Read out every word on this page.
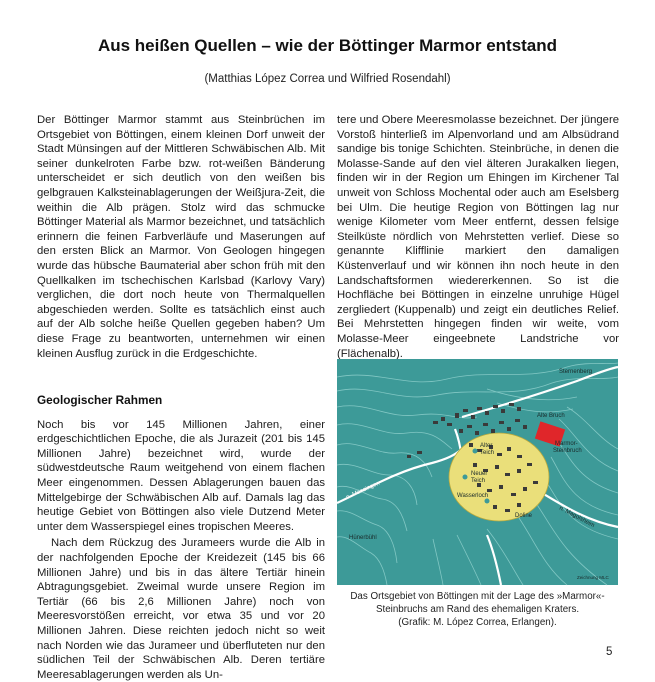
Aus heißen Quellen – wie der Böttinger Marmor entstand
(Matthias López Correa und Wilfried Rosendahl)

Der Böttinger Marmor stammt aus Steinbrüchen im Ortsgebiet von Böttingen, einem kleinen Dorf unweit der Stadt Münsingen auf der Mittleren Schwäbischen Alb. Mit seiner dunkelroten Farbe bzw. rot-weißen Bänderung unterscheidet er sich deutlich von den weißen bis gelbgrauen Kalksteinablagerungen der Weißjura-Zeit, die weithin die Alb prägen. Stolz wird das schmucke Böttinger Material als Marmor bezeichnet, und tatsächlich erinnern die feinen Farbverläufe und Maserungen auf den ersten Blick an Marmor. Von Geologen hingegen wurde das hübsche Baumaterial aber schon früh mit den Quellkalken im tschechischen Karlsbad (Karlovy Vary) verglichen, die dort noch heute von Thermalquellen abgeschieden werden. Sollte es tatsächlich einst auch auf der Alb solche heiße Quellen gegeben haben? Um diese Frage zu beantworten, unternehmen wir einen kleinen Ausflug zurück in die Erdgeschichte.

tere und Obere Meeresmolasse bezeichnet. Der jüngere Vorstoß hinterließ im Alpenvorland und am Albsüdrand sandige bis tonige Schichten. Steinbrüche, in denen die Molasse-Sande auf den viel älteren Jurakalken liegen, finden wir in der Region um Ehingen im Kirchener Tal unweit von Schloss Mochental oder auch am Eselsberg bei Ulm. Die heutige Region von Böttingen lag nur wenige Kilometer vom Meer entfernt, dessen felsige Steilküste nördlich von Mehrstetten verlief. Diese so genannte Klifflinie markiert den damaligen Küstenverlauf und wir können ihn noch heute in den Landschaftsformen wiedererkennen. So ist die Hochfläche bei Böttingen in einzelne unruhige Hügel zergliedert (Kuppenalb) und zeigt ein deutliches Relief. Bei Mehrstetten hingegen finden wir weite, vom Molasse-Meer eingeebnete Landstriche vor (Flächenalb).

Geologischer Rahmen

Noch bis vor 145 Millionen Jahren, einer erdgeschichtlichen Epoche, die als Jurazeit (201 bis 145 Millionen Jahre) bezeichnet wird, wurde der südwestdeutsche Raum weitgehend von einem flachen Meer eingenommen. Dessen Ablagerungen bauen das Mittelgebirge der Schwäbischen Alb auf. Damals lag das heutige Gebiet von Böttingen also viele Dutzend Meter unter dem Wasserspiegel eines tropischen Meeres.

Nach dem Rückzug des Jurameers wurde die Alb in der nachfolgenden Epoche der Kreidezeit (145 bis 66 Millionen Jahre) und bis in das ältere Tertiär hinein Abtragungsgebiet. Zweimal wurde unsere Region im Tertiär (66 bis 2,6 Millionen Jahre) noch von Meeresvorstößen erreicht, vor etwa 35 und vor 20 Millionen Jahren. Diese reichten jedoch nicht so weit nach Norden wie das Jurameer und überfluteten nur den südlichen Teil der Schwäbischen Alb. Deren tertiäre Meeresablagerungen werden als Un-

Sternenberg
Alte Bruch
Marmor-
Steinbruch
Alter
Teich
Neuer
Teich
Wasserloch
Doline
n. Münsingen
n. Magolsheim
Hünerbühl
Zeichnung MLC

Das Ortsgebiet von Böttingen mit der Lage des »Marmor«-

Steinbruchs am Rand des ehemaligen Kraters.

(Grafik: M. López Correa, Erlangen).

5
